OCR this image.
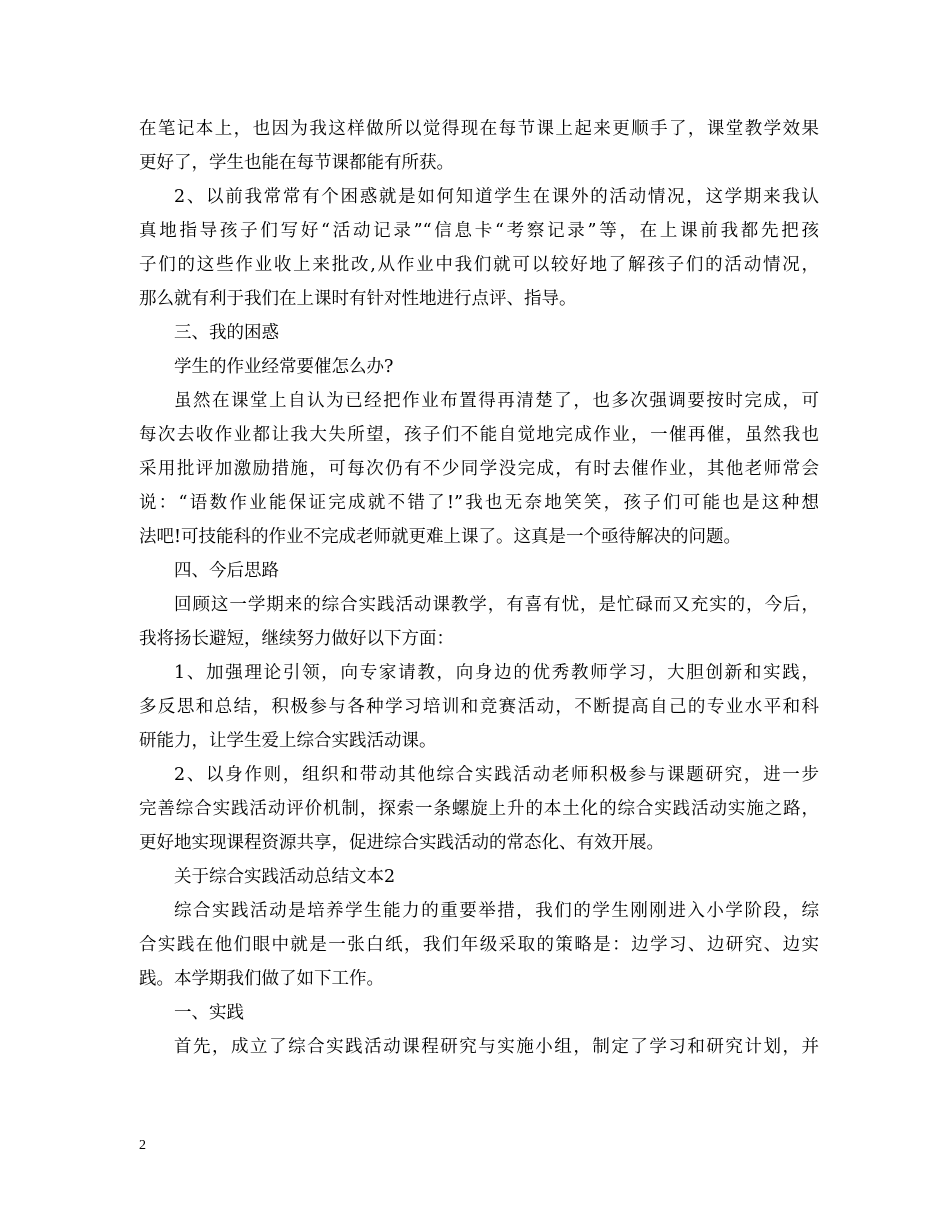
在笔记本上，也因为我这样做所以觉得现在每节课上起来更顺手了，课堂教学效果
更好了，学生也能在每节课都能有所获。
2、以前我常常有个困惑就是如何知道学生在课外的活动情况，这学期来我认
真地指导孩子们写好“活动记录”“信息卡“考察记录”等，在上课前我都先把孩
子们的这些作业收上来批改,从作业中我们就可以较好地了解孩子们的活动情况，
那么就有利于我们在上课时有针对性地进行点评、指导。
三、我的困惑
学生的作业经常要催怎么办?
虽然在课堂上自认为已经把作业布置得再清楚了，也多次强调要按时完成，可
每次去收作业都让我大失所望，孩子们不能自觉地完成作业，一催再催，虽然我也
采用批评加激励措施，可每次仍有不少同学没完成，有时去催作业，其他老师常会
说：“语数作业能保证完成就不错了!”我也无奈地笑笑，孩子们可能也是这种想
法吧!可技能科的作业不完成老师就更难上课了。这真是一个亟待解决的问题。
四、今后思路
回顾这一学期来的综合实践活动课教学，有喜有忧，是忙碌而又充实的，今后，
我将扬长避短，继续努力做好以下方面：
1、加强理论引领，向专家请教，向身边的优秀教师学习，大胆创新和实践，
多反思和总结，积极参与各种学习培训和竞赛活动，不断提高自己的专业水平和科
研能力，让学生爱上综合实践活动课。
2、以身作则，组织和带动其他综合实践活动老师积极参与课题研究，进一步
完善综合实践活动评价机制，探索一条螺旋上升的本土化的综合实践活动实施之路，
更好地实现课程资源共享，促进综合实践活动的常态化、有效开展。
关于综合实践活动总结文本2
综合实践活动是培养学生能力的重要举措，我们的学生刚刚进入小学阶段，综
合实践在他们眼中就是一张白纸，我们年级采取的策略是：边学习、边研究、边实
践。本学期我们做了如下工作。
一、实践
首先，成立了综合实践活动课程研究与实施小组，制定了学习和研究计划，并
2
